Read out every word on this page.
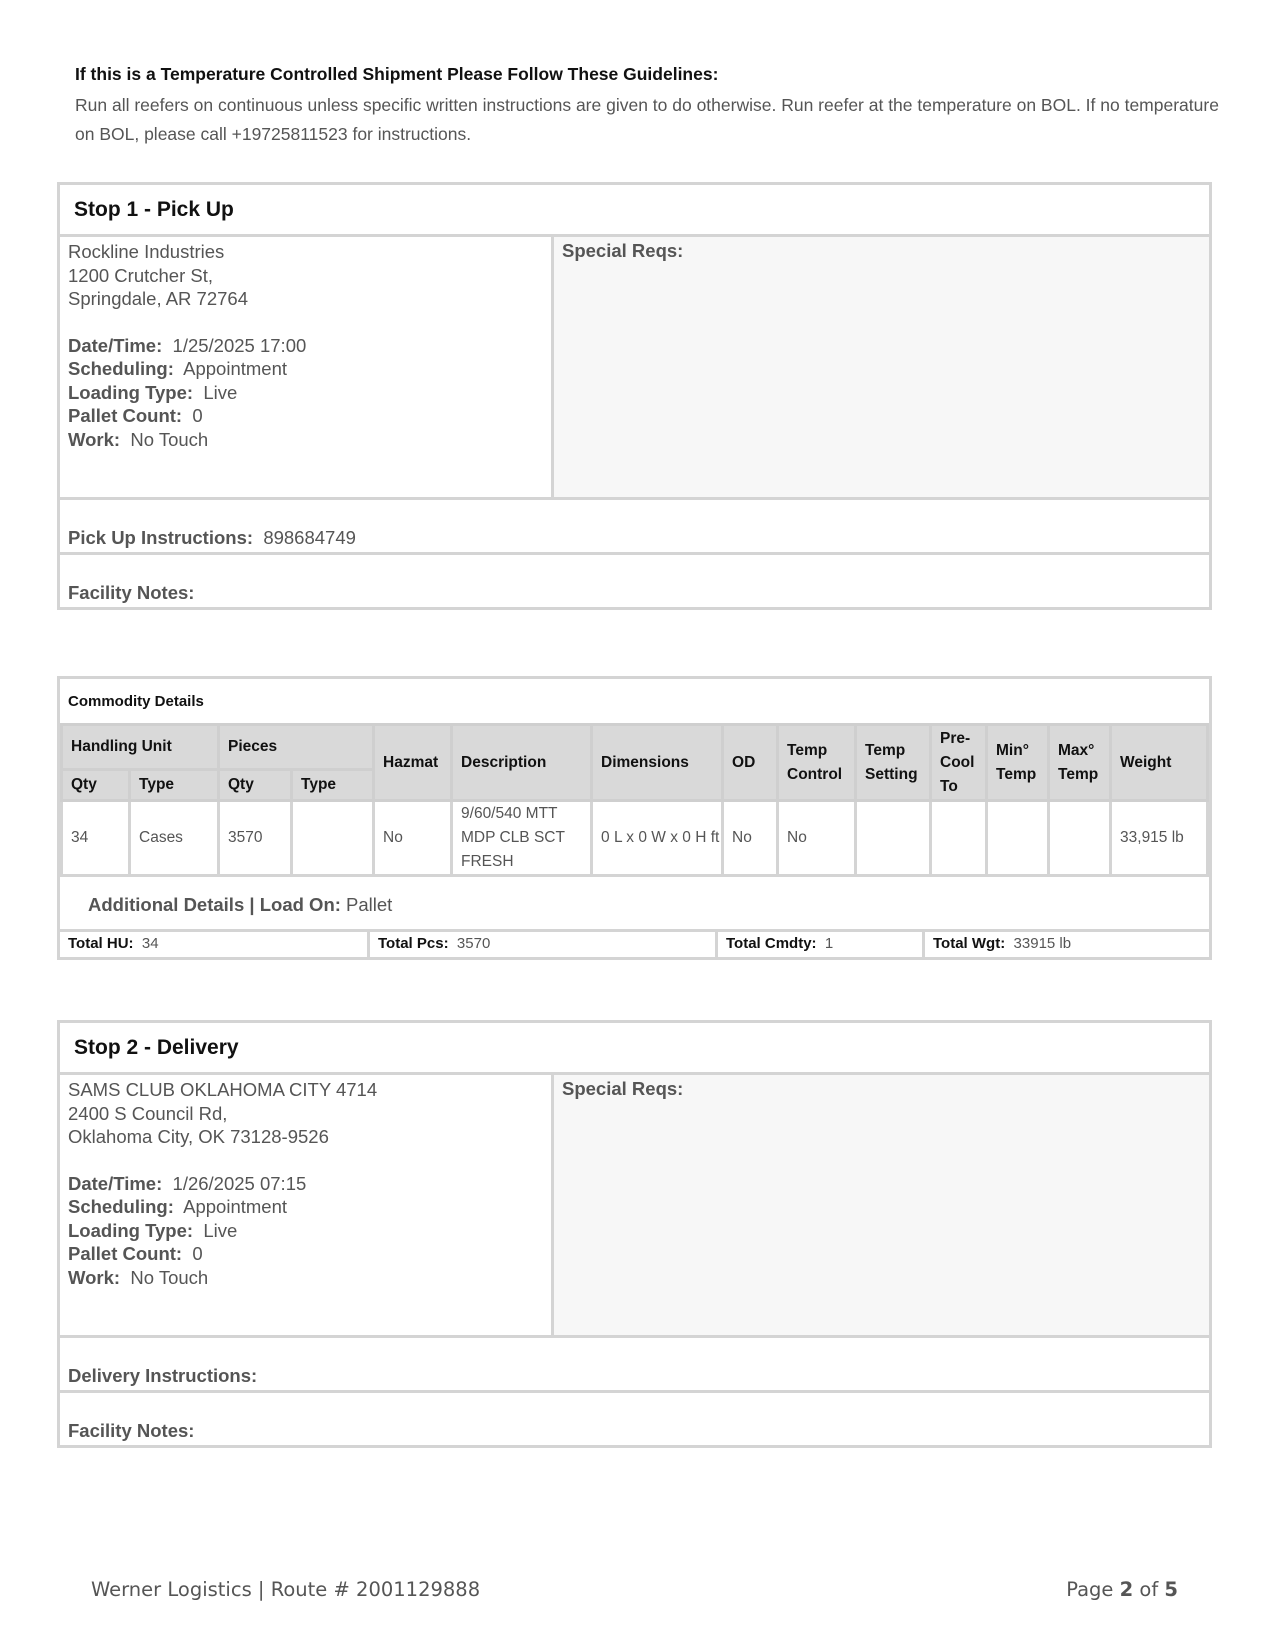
If this is a Temperature Controlled Shipment Please Follow These Guidelines:
Run all reefers on continuous unless specific written instructions are given to do otherwise. Run reefer at the temperature on BOL. If no temperature on BOL, please call +19725811523 for instructions.
Stop 1 - Pick Up
Rockline Industries
1200 Crutcher St,
Springdale, AR 72764
Date/Time: 1/25/2025 17:00
Scheduling: Appointment
Loading Type: Live
Pallet Count: 0
Work: No Touch
Special Reqs:
Pick Up Instructions: 898684749
Facility Notes:
Commodity Details
Handling Unit		Pieces		Hazmat	Description	Dimensions	OD	Temp Control	Temp Setting	Pre-Cool To	Min° Temp	Max° Temp	Weight
Qty	Type	Qty	Type										
34	Cases	3570		No	9/60/540 MTT MDP CLB SCT FRESH	0 L x 0 W x 0 H ft	No	No					33,915 lb
Additional Details | Load On: Pallet
Total HU: 34	Total Pcs: 3570	Total Cmdty: 1	Total Wgt: 33915 lb
Stop 2 - Delivery
SAMS CLUB OKLAHOMA CITY 4714
2400 S Council Rd,
Oklahoma City, OK 73128-9526
Date/Time: 1/26/2025 07:15
Scheduling: Appointment
Loading Type: Live
Pallet Count: 0
Work: No Touch
Special Reqs:
Delivery Instructions:
Facility Notes:
Werner Logistics | Route # 2001129888	Page 2 of 5
